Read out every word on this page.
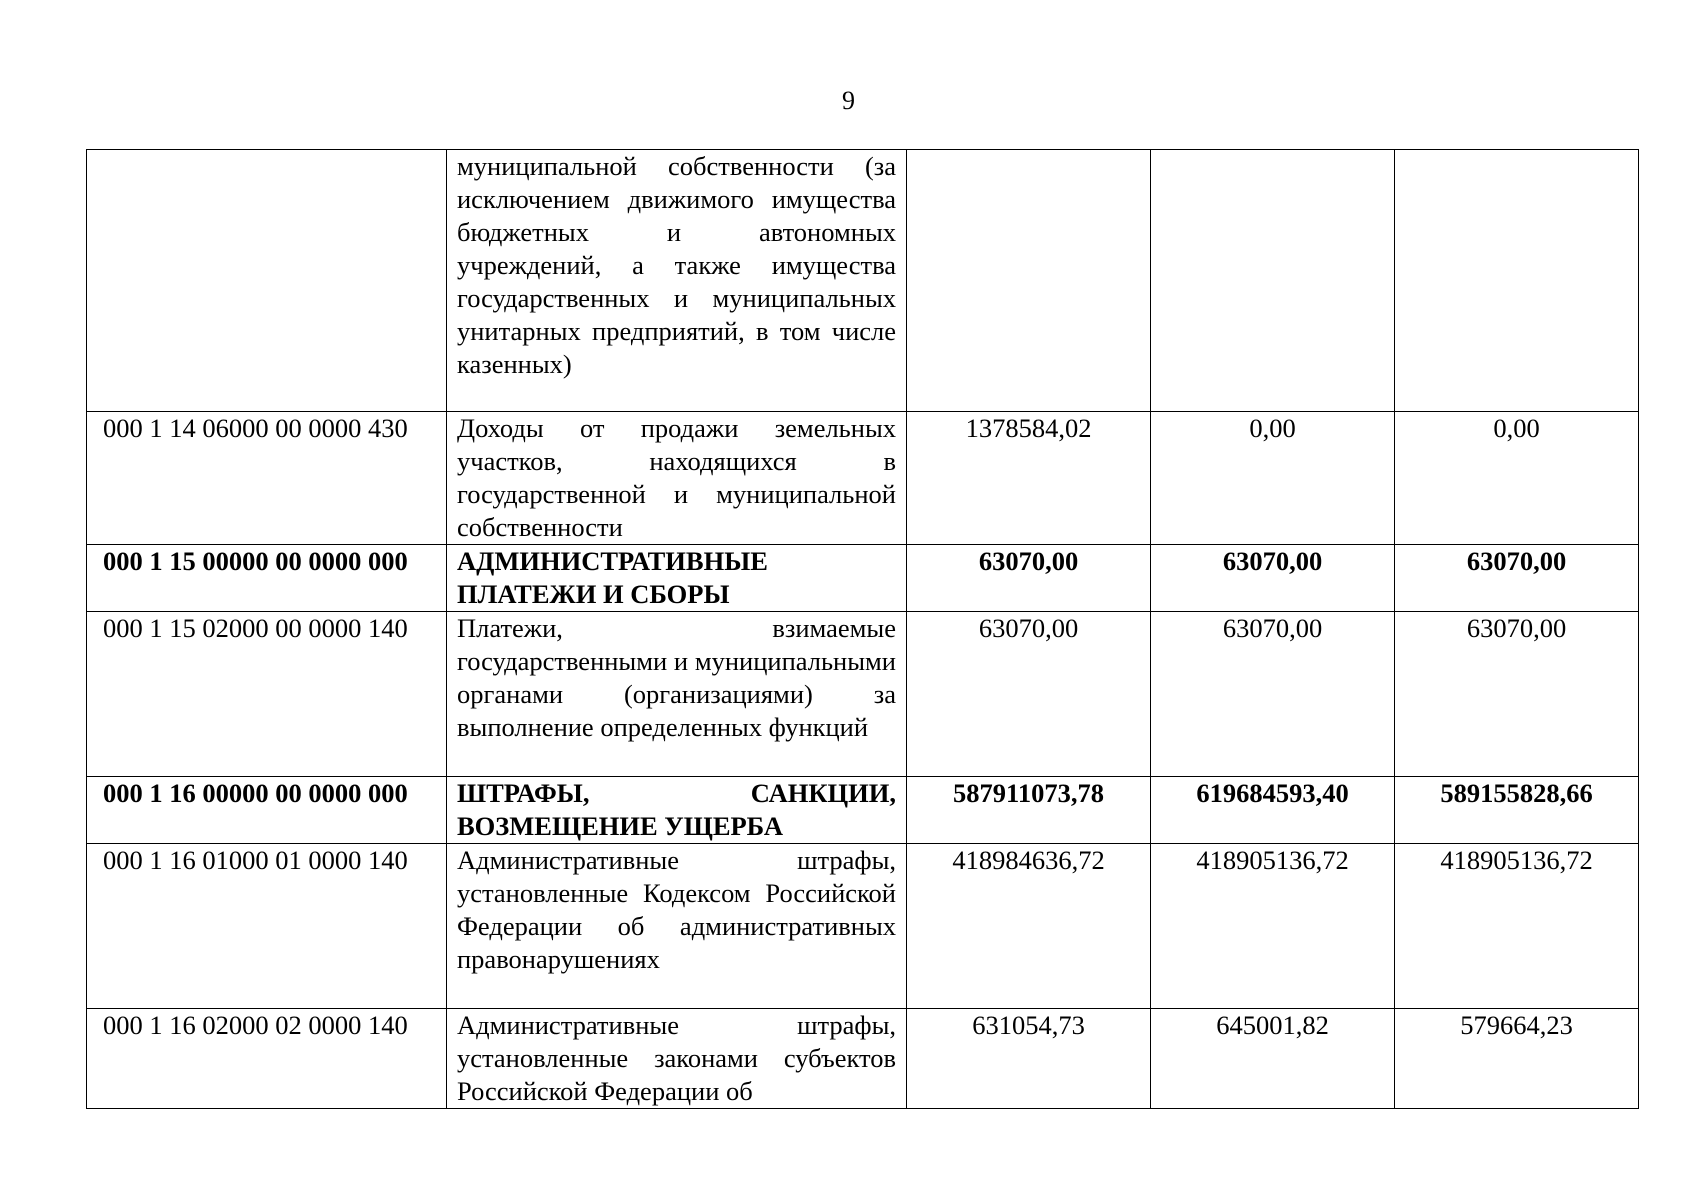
9
	муниципальной собственности (за исключением движимого имущества бюджетных и автономных учреждений, а также имущества государственных и муниципальных унитарных предприятий, в том числе казенных)			
000 1 14 06000 00 0000 430	Доходы от продажи земельных участков, находящихся в государственной и муниципальной собственности	1378584,02	0,00	0,00
000 1 15 00000 00 0000 000	АДМИНИСТРАТИВНЫЕ ПЛАТЕЖИ И СБОРЫ	63070,00	63070,00	63070,00
000 1 15 02000 00 0000 140	Платежи, взимаемые государственными и муниципальными органами (организациями) за выполнение определенных функций	63070,00	63070,00	63070,00
000 1 16 00000 00 0000 000	ШТРАФЫ, САНКЦИИ, ВОЗМЕЩЕНИЕ УЩЕРБА	587911073,78	619684593,40	589155828,66
000 1 16 01000 01 0000 140	Административные штрафы, установленные Кодексом Российской Федерации об административных правонарушениях	418984636,72	418905136,72	418905136,72
000 1 16 02000 02 0000 140	Административные штрафы, установленные законами субъектов Российской Федерации об	631054,73	645001,82	579664,23
